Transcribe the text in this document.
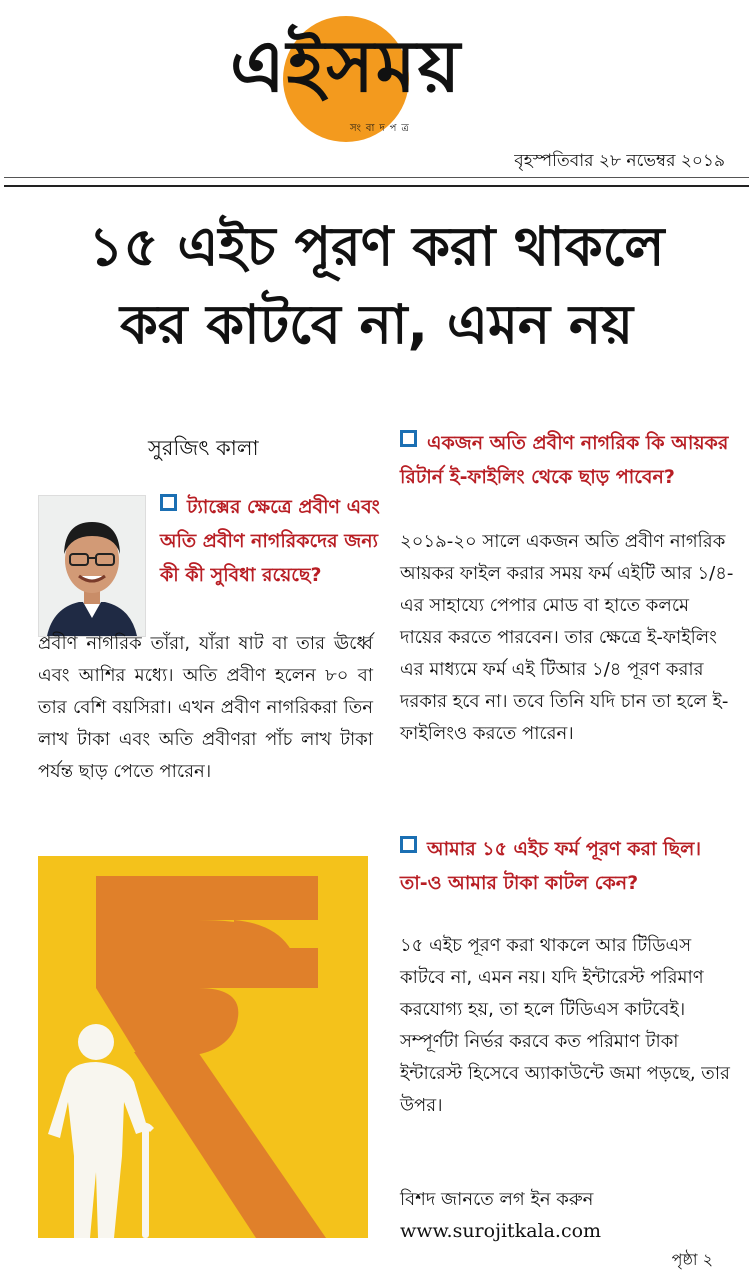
এইসময়
সংবাদপত্র
বৃহস্পতিবার ২৮ নভেম্বর ২০১৯
১৫ এইচ পূরণ করা থাকলে
কর কাটবে না, এমন নয়
সুরজিৎ কালা
ট্যাক্সের ক্ষেত্রে প্রবীণ এবং অতি প্রবীণ নাগরিকদের জন্য কী কী সুবিধা রয়েছে?
প্রবীণ নাগরিক তাঁরা, যাঁরা ষাট বা তার ঊর্ধ্বে এবং আশির মধ্যে। অতি প্রবীণ হলেন ৮০ বা তার বেশি বয়সিরা। এখন প্রবীণ নাগরিকরা তিন লাখ টাকা এবং অতি প্রবীণরা পাঁচ লাখ টাকা পর্যন্ত ছাড় পেতে পারেন।
একজন অতি প্রবীণ নাগরিক কি আয়কর রিটার্ন ই-ফাইলিং থেকে ছাড় পাবেন?
২০১৯-২০ সালে একজন অতি প্রবীণ নাগরিক আয়কর ফাইল করার সময় ফর্ম এইটি আর ১/৪-এর সাহায্যে পেপার মোড বা হাতে কলমে দায়ের করতে পারবেন। তার ক্ষেত্রে ই-ফাইলিং এর মাধ্যমে ফর্ম এই টিআর ১/৪ পূরণ করার দরকার হবে না। তবে তিনি যদি চান তা হলে ই-ফাইলিংও করতে পারেন।
আমার ১৫ এইচ ফর্ম পূরণ করা ছিল। তা-ও আমার টাকা কাটল কেন?
১৫ এইচ পূরণ করা থাকলে আর টিডিএস কাটবে না, এমন নয়। যদি ইন্টারেস্ট পরিমাণ করযোগ্য হয়, তা হলে টিডিএস কাটবেই। সম্পূর্ণটা নির্ভর করবে কত পরিমাণ টাকা ইন্টারেস্ট হিসেবে অ্যাকাউন্টে জমা পড়ছে, তার উপর।
বিশদ জানতে লগ ইন করুন
www.surojitkala.com
পৃষ্ঠা ২
